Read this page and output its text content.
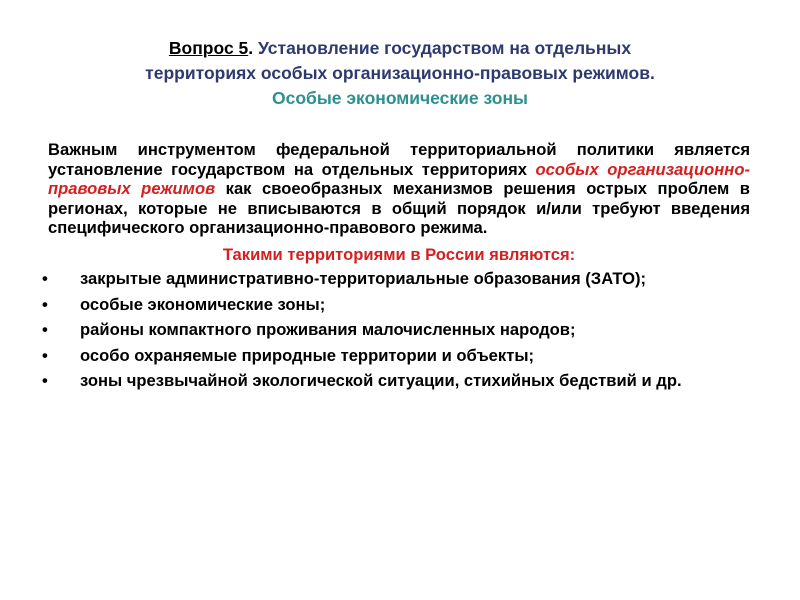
Вопрос 5. Установление государством на отдельных
территориях особых организационно-правовых режимов.
Особые экономические зоны

Важным инструментом федеральной территориальной политики является установление государством на отдельных территориях особых организационно-правовых режимов как своеобразных механизмов решения острых проблем в регионах, которые не вписываются в общий порядок и/или требуют введения специфического организационно-правового режима.

Такими территориями в России являются:
• закрытые административно-территориальные образования (ЗАТО);
• особые экономические зоны;
• районы компактного проживания малочисленных народов;
• особо охраняемые природные территории и объекты;
• зоны чрезвычайной экологической ситуации, стихийных бедствий и др.
